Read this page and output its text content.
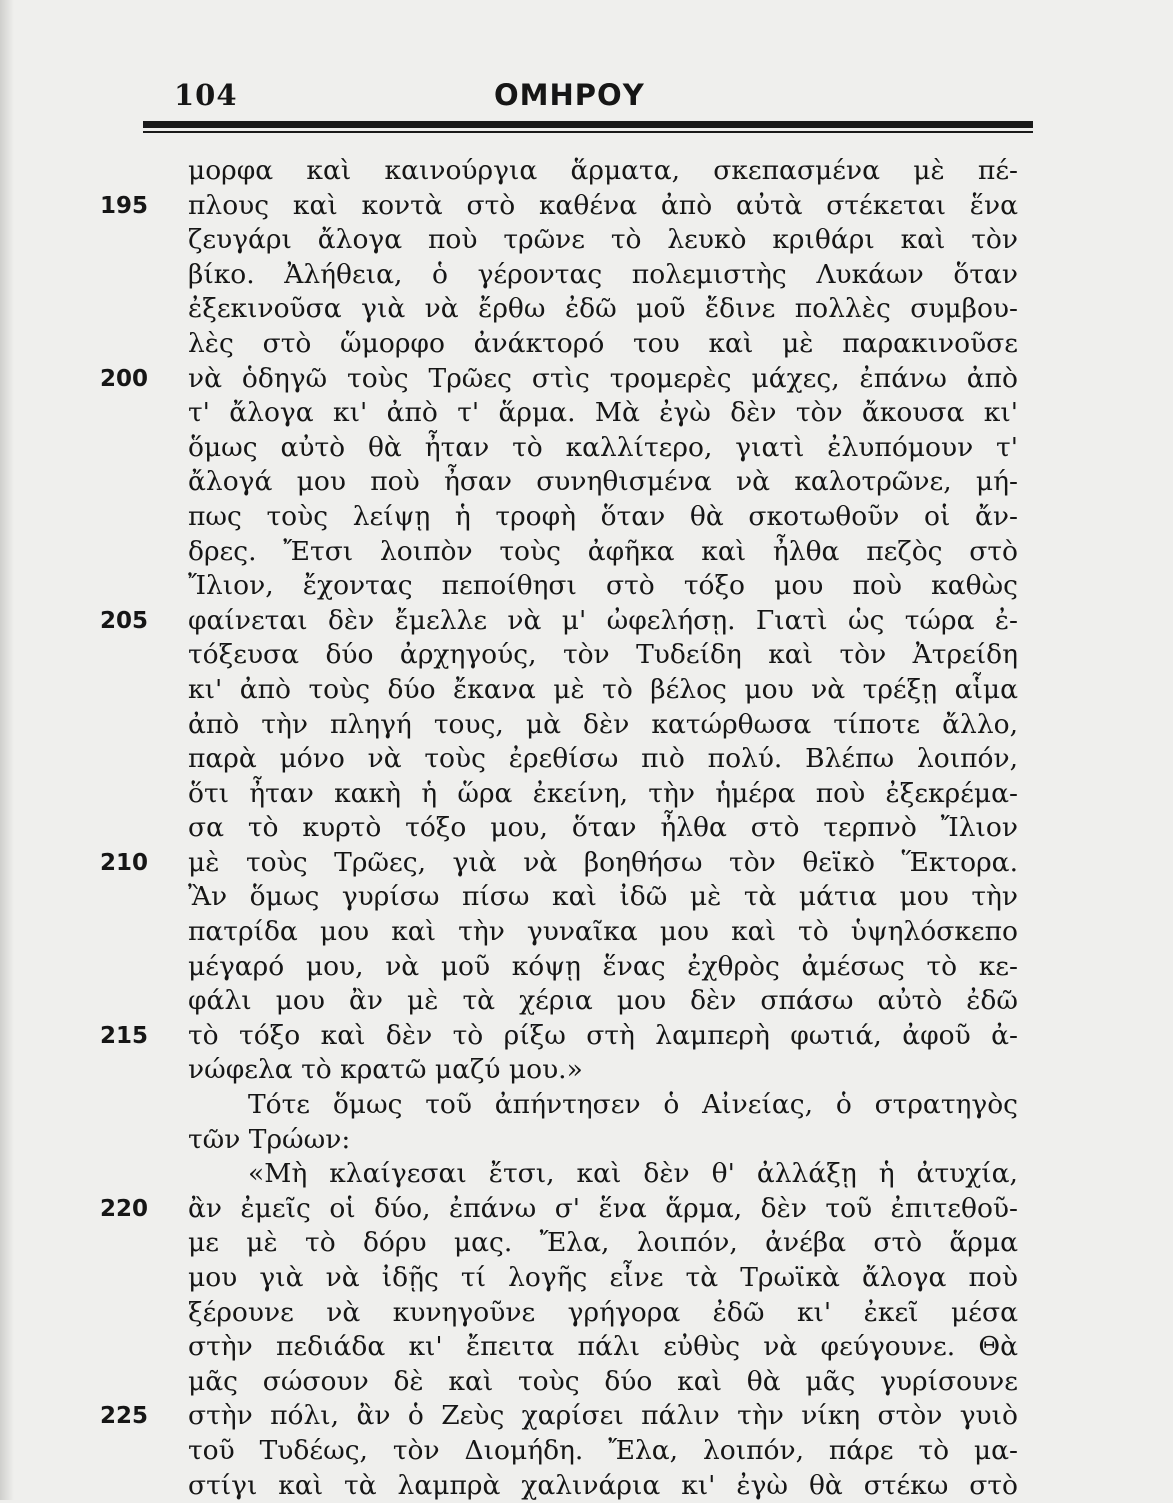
104	ΟΜΗΡΟΥ
μορφα καὶ καινούργια ἅρματα, σκεπασμένα μὲ πέ-
195	πλους καὶ κοντὰ στὸ καθένα ἀπὸ αὐτὰ στέκεται ἕνα
ζευγάρι ἄλογα ποὺ τρῶνε τὸ λευκὸ κριθάρι καὶ τὸν
βίκο. Ἀλήθεια, ὁ γέροντας πολεμιστὴς Λυκάων ὅταν
ἐξεκινοῦσα γιὰ νὰ ἔρθω ἐδῶ μοῦ ἔδινε πολλὲς συμβου-
λὲς στὸ ὥμορφο ἀνάκτορό του καὶ μὲ παρακινοῦσε
200	νὰ ὁδηγῶ τοὺς Τρῶες στὶς τρομερὲς μάχες, ἐπάνω ἀπὸ
τ' ἄλογα κι' ἀπὸ τ' ἅρμα. Μὰ ἐγὼ δὲν τὸν ἄκουσα κι'
ὅμως αὐτὸ θὰ ἦταν τὸ καλλίτερο, γιατὶ ἐλυπόμουν τ'
ἄλογά μου ποὺ ἦσαν συνηθισμένα νὰ καλοτρῶνε, μή-
πως τοὺς λείψῃ ἡ τροφὴ ὅταν θὰ σκοτωθοῦν οἱ ἄν-
δρες. Ἔτσι λοιπὸν τοὺς ἀφῆκα καὶ ἦλθα πεζὸς στὸ
Ἴλιον, ἔχοντας πεποίθησι στὸ τόξο μου ποὺ καθὼς
205	φαίνεται δὲν ἔμελλε νὰ μ' ὠφελήσῃ. Γιατὶ ὡς τώρα ἐ-
τόξευσα δύο ἀρχηγούς, τὸν Τυδείδη καὶ τὸν Ἀτρείδη
κι' ἀπὸ τοὺς δύο ἔκανα μὲ τὸ βέλος μου νὰ τρέξῃ αἷμα
ἀπὸ τὴν πληγή τους, μὰ δὲν κατώρθωσα τίποτε ἄλλο,
παρὰ μόνο νὰ τοὺς ἐρεθίσω πιὸ πολύ. Βλέπω λοιπόν,
ὅτι ἦταν κακὴ ἡ ὥρα ἐκείνη, τὴν ἡμέρα ποὺ ἐξεκρέμα-
σα τὸ κυρτὸ τόξο μου, ὅταν ἦλθα στὸ τερπνὸ Ἴλιον
210	μὲ τοὺς Τρῶες, γιὰ νὰ βοηθήσω τὸν θεϊκὸ Ἕκτορα.
Ἂν ὅμως γυρίσω πίσω καὶ ἰδῶ μὲ τὰ μάτια μου τὴν
πατρίδα μου καὶ τὴν γυναῖκα μου καὶ τὸ ὑψηλόσκεπο
μέγαρό μου, νὰ μοῦ κόψῃ ἕνας ἐχθρὸς ἀμέσως τὸ κε-
φάλι μου ἂν μὲ τὰ χέρια μου δὲν σπάσω αὐτὸ ἐδῶ
215	τὸ τόξο καὶ δὲν τὸ ρίξω στὴ λαμπερὴ φωτιά, ἀφοῦ ἀ-
νώφελα τὸ κρατῶ μαζύ μου.»
Τότε ὅμως τοῦ ἀπήντησεν ὁ Αἰνείας, ὁ στρατηγὸς
τῶν Τρώων:
«Μὴ κλαίγεσαι ἔτσι, καὶ δὲν θ' ἀλλάξῃ ἡ ἀτυχία,
220	ἂν ἐμεῖς οἱ δύο, ἐπάνω σ' ἕνα ἅρμα, δὲν τοῦ ἐπιτεθοῦ-
με μὲ τὸ δόρυ μας. Ἔλα, λοιπόν, ἀνέβα στὸ ἅρμα
μου γιὰ νὰ ἰδῇς τί λογῆς εἶνε τὰ Τρωϊκὰ ἄλογα ποὺ
ξέρουνε νὰ κυνηγοῦνε γρήγορα ἐδῶ κι' ἐκεῖ μέσα
στὴν πεδιάδα κι' ἔπειτα πάλι εὐθὺς νὰ φεύγουνε. Θὰ
μᾶς σώσουν δὲ καὶ τοὺς δύο καὶ θὰ μᾶς γυρίσουνε
225	στὴν πόλι, ἂν ὁ Ζεὺς χαρίσει πάλιν τὴν νίκη στὸν γυιὸ
τοῦ Τυδέως, τὸν Διομήδη. Ἔλα, λοιπόν, πάρε τὸ μα-
στίγι καὶ τὰ λαμπρὰ χαλινάρια κι' ἐγὼ θὰ στέκω στὸ
